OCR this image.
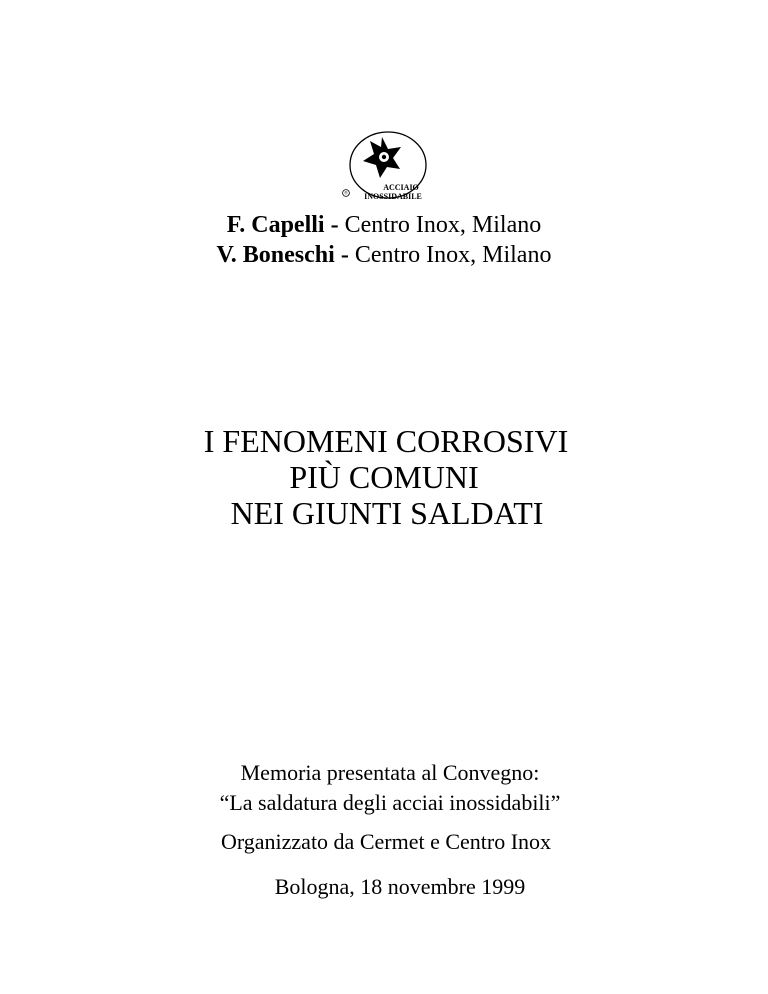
®
ACCIAIO
INOSSIDABILE
F. Capelli - Centro Inox, Milano
V. Boneschi - Centro Inox, Milano
I FENOMENI CORROSIVI
PIÙ COMUNI
NEI GIUNTI SALDATI
Memoria presentata al Convegno:
“La saldatura degli acciai inossidabili”
Organizzato da Cermet e Centro Inox
Bologna, 18 novembre 1999
